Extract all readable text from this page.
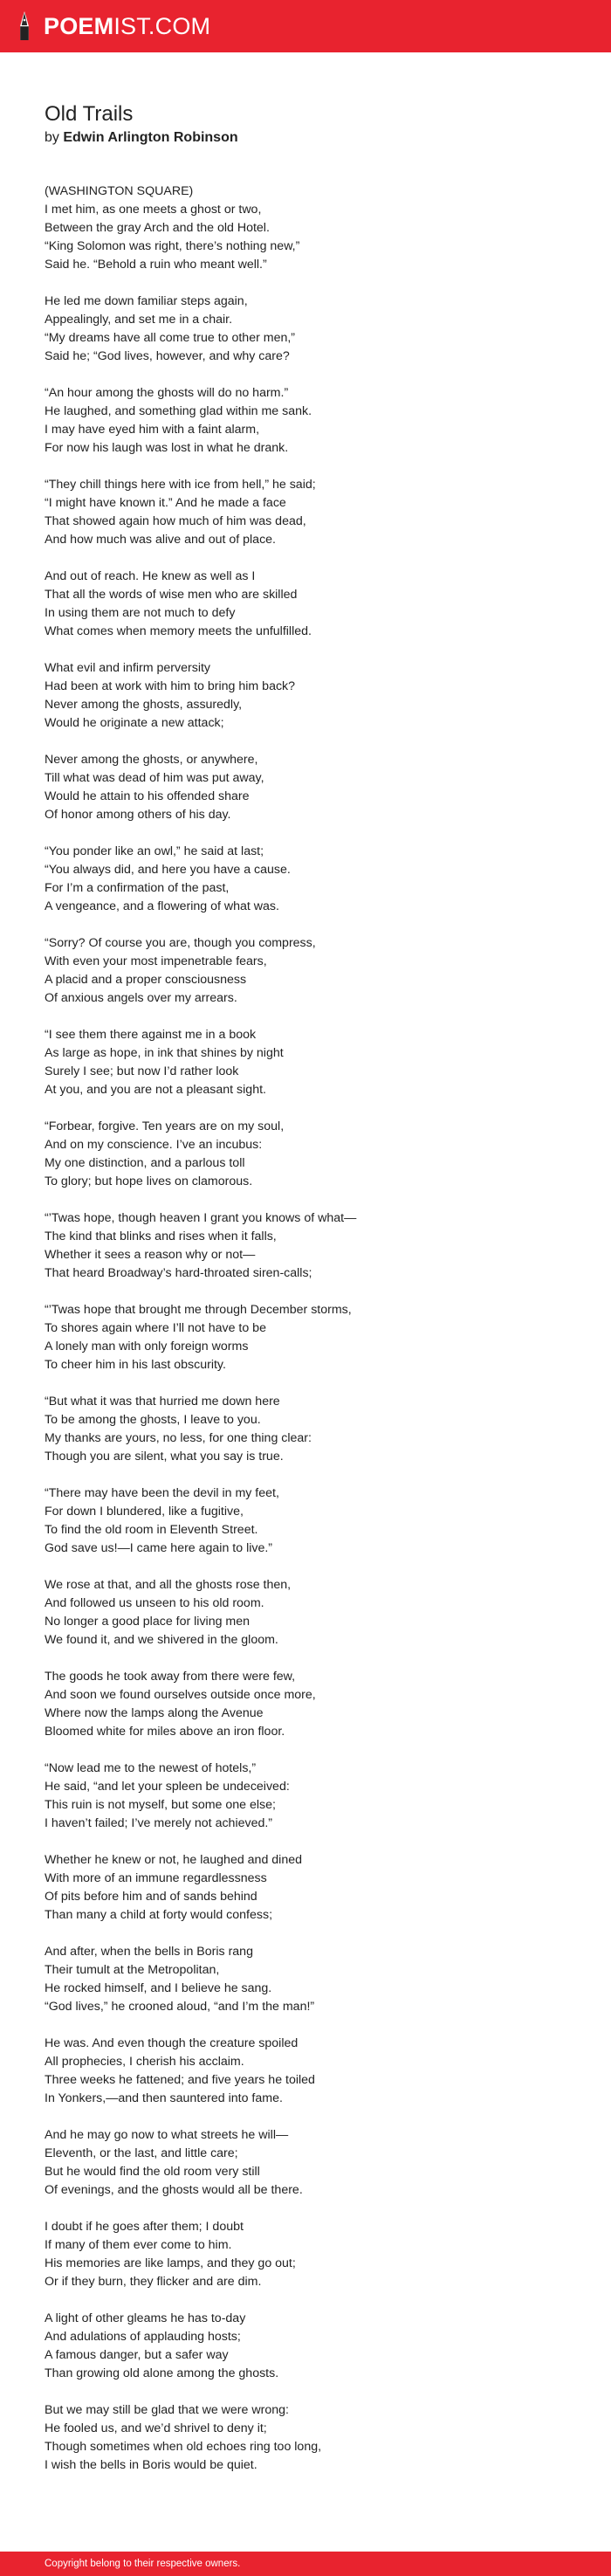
POEMIST.COM
Old Trails
by Edwin Arlington Robinson
(WASHINGTON SQUARE)
I met him, as one meets a ghost or two,
Between the gray Arch and the old Hotel.
“King Solomon was right, there’s nothing new,”
Said he. “Behold a ruin who meant well.”
He led me down familiar steps again,
Appealingly, and set me in a chair.
“My dreams have all come true to other men,”
Said he; “God lives, however, and why care?
“An hour among the ghosts will do no harm.”
He laughed, and something glad within me sank.
I may have eyed him with a faint alarm,
For now his laugh was lost in what he drank.
“They chill things here with ice from hell,” he said;
“I might have known it.” And he made a face
That showed again how much of him was dead,
And how much was alive and out of place.
And out of reach. He knew as well as I
That all the words of wise men who are skilled
In using them are not much to defy
What comes when memory meets the unfulfilled.
What evil and infirm perversity
Had been at work with him to bring him back?
Never among the ghosts, assuredly,
Would he originate a new attack;
Never among the ghosts, or anywhere,
Till what was dead of him was put away,
Would he attain to his offended share
Of honor among others of his day.
“You ponder like an owl,” he said at last;
“You always did, and here you have a cause.
For I’m a confirmation of the past,
A vengeance, and a flowering of what was.
“Sorry? Of course you are, though you compress,
With even your most impenetrable fears,
A placid and a proper consciousness
Of anxious angels over my arrears.
“I see them there against me in a book
As large as hope, in ink that shines by night
Surely I see; but now I’d rather look
At you, and you are not a pleasant sight.
“Forbear, forgive. Ten years are on my soul,
And on my conscience. I’ve an incubus:
My one distinction, and a parlous toll
To glory; but hope lives on clamorous.
“’Twas hope, though heaven I grant you knows of what—
The kind that blinks and rises when it falls,
Whether it sees a reason why or not—
That heard Broadway’s hard-throated siren-calls;
“’Twas hope that brought me through December storms,
To shores again where I’ll not have to be
A lonely man with only foreign worms
To cheer him in his last obscurity.
“But what it was that hurried me down here
To be among the ghosts, I leave to you.
My thanks are yours, no less, for one thing clear:
Though you are silent, what you say is true.
“There may have been the devil in my feet,
For down I blundered, like a fugitive,
To find the old room in Eleventh Street.
God save us!—I came here again to live.”
We rose at that, and all the ghosts rose then,
And followed us unseen to his old room.
No longer a good place for living men
We found it, and we shivered in the gloom.
The goods he took away from there were few,
And soon we found ourselves outside once more,
Where now the lamps along the Avenue
Bloomed white for miles above an iron floor.
“Now lead me to the newest of hotels,”
He said, “and let your spleen be undeceived:
This ruin is not myself, but some one else;
I haven’t failed; I’ve merely not achieved.”
Whether he knew or not, he laughed and dined
With more of an immune regardlessness
Of pits before him and of sands behind
Than many a child at forty would confess;
And after, when the bells in Boris rang
Their tumult at the Metropolitan,
He rocked himself, and I believe he sang.
“God lives,” he crooned aloud, “and I’m the man!”
He was. And even though the creature spoiled
All prophecies, I cherish his acclaim.
Three weeks he fattened; and five years he toiled
In Yonkers,—and then sauntered into fame.
And he may go now to what streets he will—
Eleventh, or the last, and little care;
But he would find the old room very still
Of evenings, and the ghosts would all be there.
I doubt if he goes after them; I doubt
If many of them ever come to him.
His memories are like lamps, and they go out;
Or if they burn, they flicker and are dim.
A light of other gleams he has to-day
And adulations of applauding hosts;
A famous danger, but a safer way
Than growing old alone among the ghosts.
But we may still be glad that we were wrong:
He fooled us, and we’d shrivel to deny it;
Though sometimes when old echoes ring too long,
I wish the bells in Boris would be quiet.
Copyright belong to their respective owners.
